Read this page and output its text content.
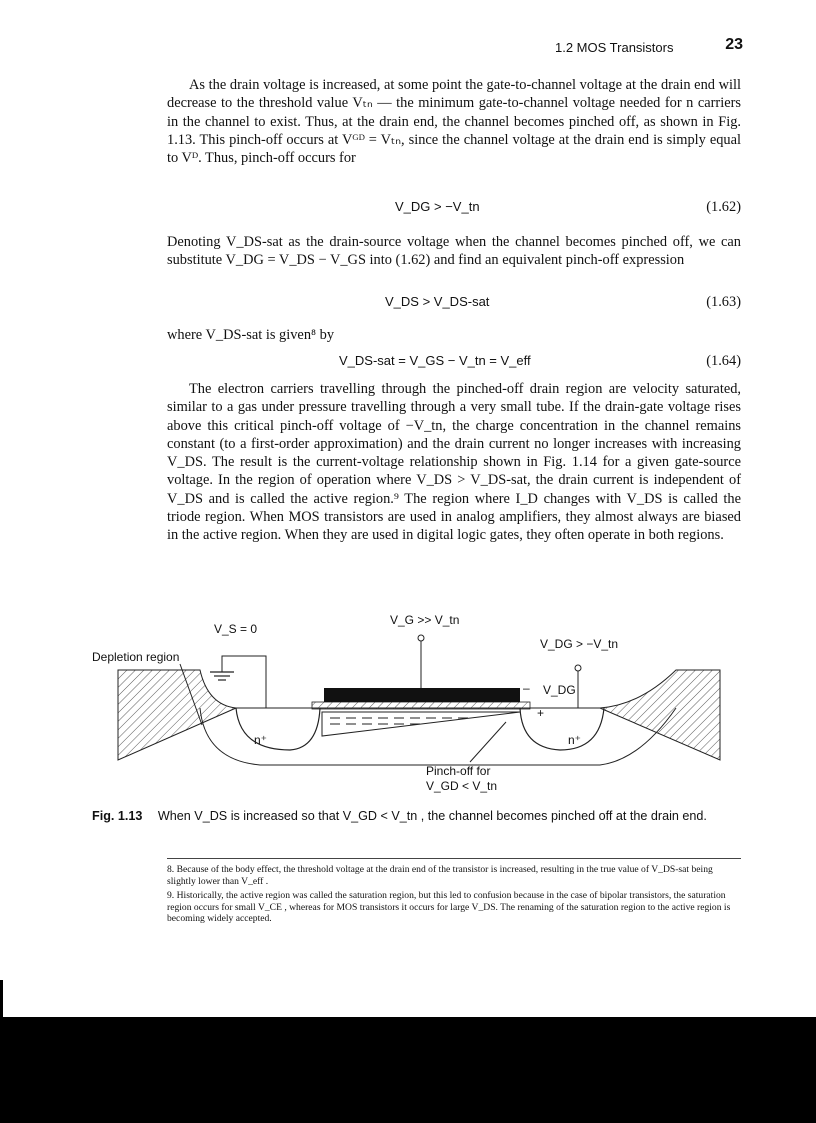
1.2 MOS Transistors	23

As the drain voltage is increased, at some point the gate-to-channel voltage at the drain end will decrease to the threshold value Vₜₙ — the minimum gate-to-channel voltage needed for n carriers in the channel to exist. Thus, at the drain end, the channel becomes pinched off, as shown in Fig. 1.13. This pinch-off occurs at Vᴳᴰ = Vₜₙ, since the channel voltage at the drain end is simply equal to Vᴰ. Thus, pinch-off occurs for

V_DG > −V_tn	(1.62)

Denoting V_DS-sat as the drain-source voltage when the channel becomes pinched off, we can substitute V_DG = V_DS − V_GS into (1.62) and find an equivalent pinch-off expression

V_DS > V_DS-sat	(1.63)
where V_DS-sat is given⁸ by
V_DS-sat = V_GS − V_tn = V_eff	(1.64)

The electron carriers travelling through the pinched-off drain region are velocity saturated, similar to a gas under pressure travelling through a very small tube. If the drain-gate voltage rises above this critical pinch-off voltage of −V_tn, the charge concentration in the channel remains constant (to a first-order approximation) and the drain current no longer increases with increasing V_DS. The result is the current-voltage relationship shown in Fig. 1.14 for a given gate-source voltage. In the region of operation where V_DS > V_DS-sat, the drain current is independent of V_DS and is called the active region.⁹ The region where I_D changes with V_DS is called the triode region. When MOS transistors are used in analog amplifiers, they almost always are biased in the active region. When they are used in digital logic gates, they often operate in both regions.

V_S = 0
V_G >> V_tn
V_DG > −V_tn
Depletion region
V_DG
–
+
n⁺	n⁺
Pinch-off for
V_GD < V_tn
Fig. 1.13 When V_DS is increased so that V_GD < V_tn , the channel becomes pinched off at the drain end.

8. Because of the body effect, the threshold voltage at the drain end of the transistor is increased, resulting in the true value of V_DS-sat being slightly lower than V_eff .

9. Historically, the active region was called the saturation region, but this led to confusion because in the case of bipolar transistors, the saturation region occurs for small V_CE , whereas for MOS transistors it occurs for large V_DS. The renaming of the saturation region to the active region is becoming widely accepted.
